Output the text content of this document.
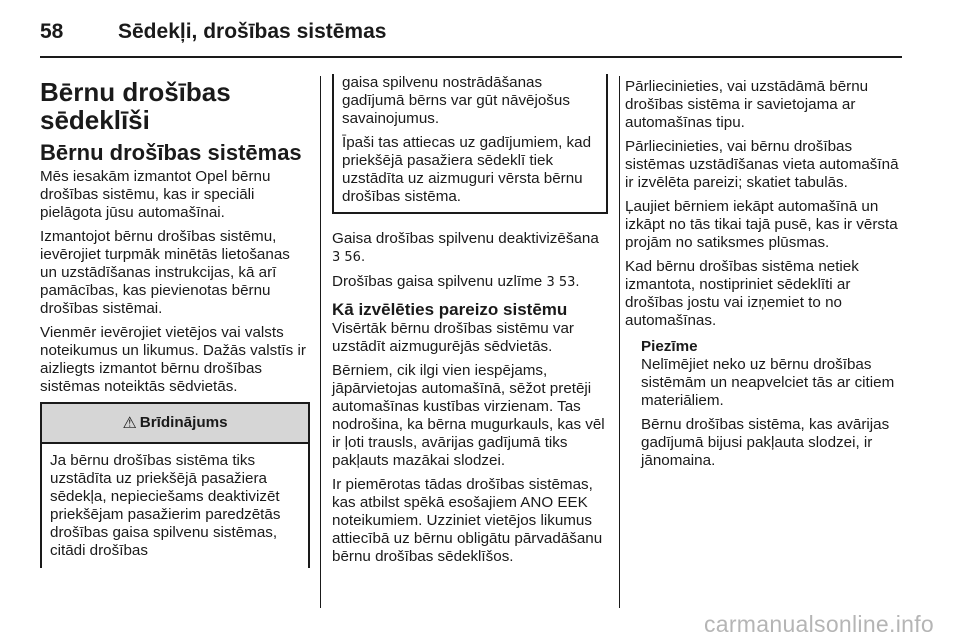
58	Sēdekļi, drošības sistēmas
Bērnu drošības sēdeklīši
Bērnu drošības sistēmas

Mēs iesakām izmantot Opel bērnu drošības sistēmu, kas ir speciāli pielāgota jūsu automašīnai.

Izmantojot bērnu drošības sistēmu, ievērojiet turpmāk minētās lietošanas un uzstādīšanas instrukcijas, kā arī pamācības, kas pievienotas bērnu drošības sistēmai.

Vienmēr ievērojiet vietējos vai valsts noteikumus un likumus. Dažās valstīs ir aizliegts izmantot bērnu drošības sistēmas noteiktās sēdvietās.

⚠ Brīdinājums
Ja bērnu drošības sistēma tiks uzstādīta uz priekšējā pasažiera sēdekļa, nepieciešams deaktivizēt priekšējam pasažierim paredzētās drošības gaisa spilvenu sistēmas, citādi drošības

gaisa spilvenu nostrādāšanas gadījumā bērns var gūt nāvējošus savainojumus.

Īpaši tas attiecas uz gadījumiem, kad priekšējā pasažiera sēdeklī tiek uzstādīta uz aizmuguri vērsta bērnu drošības sistēma.

Gaisa drošības spilvenu deaktivizēšana 3 56.

Drošības gaisa spilvenu uzlīme 3 53.

Kā izvēlēties pareizo sistēmu

Visērtāk bērnu drošības sistēmu var uzstādīt aizmugurējās sēdvietās.

Bērniem, cik ilgi vien iespējams, jāpārvietojas automašīnā, sēžot pretēji automašīnas kustības virzienam. Tas nodrošina, ka bērna mugurkauls, kas vēl ir ļoti trausls, avārijas gadījumā tiks pakļauts mazākai slodzei.

Ir piemērotas tādas drošības sistēmas, kas atbilst spēkā esošajiem ANO EEK noteikumiem. Uzziniet vietējos likumus attiecībā uz bērnu obligātu pārvadāšanu bērnu drošības sēdeklīšos.

Pārliecinieties, vai uzstādāmā bērnu drošības sistēma ir savietojama ar automašīnas tipu.

Pārliecinieties, vai bērnu drošības sistēmas uzstādīšanas vieta automašīnā ir izvēlēta pareizi; skatiet tabulās.

Ļaujiet bērniem iekāpt automašīnā un izkāpt no tās tikai tajā pusē, kas ir vērsta projām no satiksmes plūsmas.

Kad bērnu drošības sistēma netiek izmantota, nostipriniet sēdeklīti ar drošības jostu vai izņemiet to no automašīnas.

Piezīme

Nelīmējiet neko uz bērnu drošības sistēmām un neapvelciet tās ar citiem materiāliem.

Bērnu drošības sistēma, kas avārijas gadījumā bijusi pakļauta slodzei, ir jānomaina.

carmanualsonline.info
